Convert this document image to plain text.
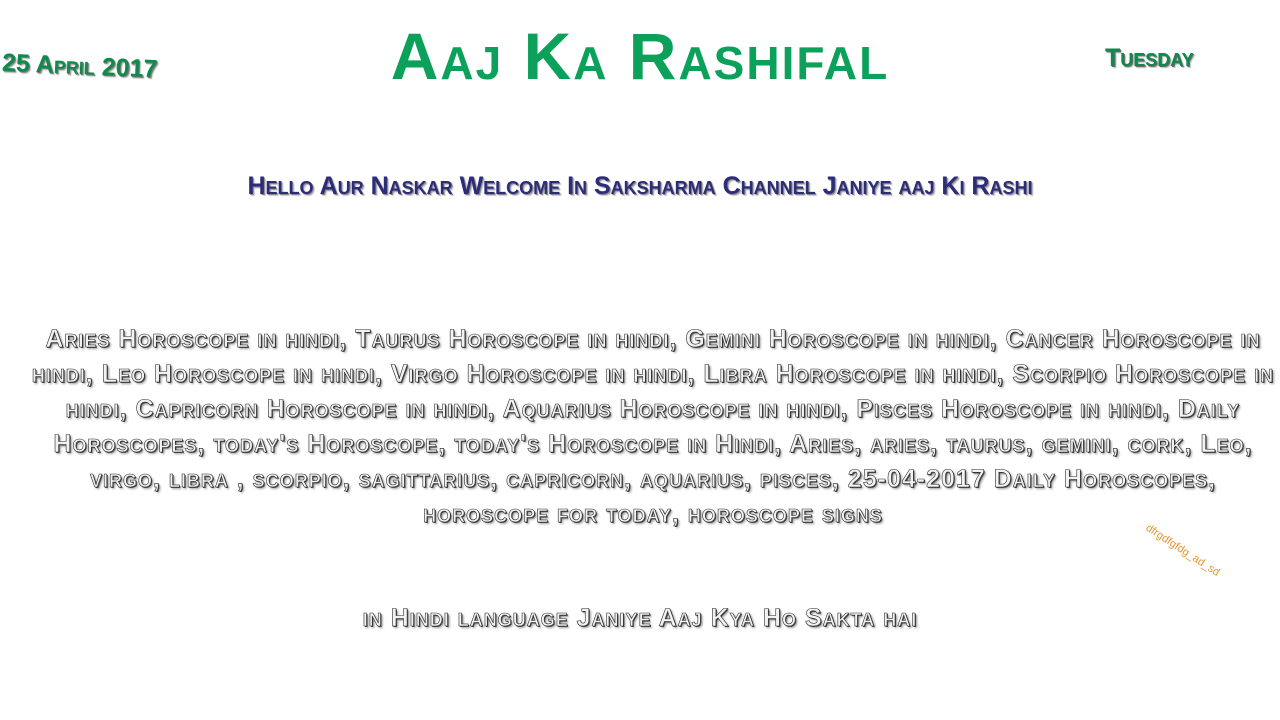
25 April 2017	Aaj Ka Rashifal	Tuesday
Hello Aur Naskar Welcome In Saksharma Channel Janiye aaj Ki Rashi
Aries Horoscope in hindi, Taurus Horoscope in hindi, Gemini Horoscope in hindi, Cancer Horoscope in hindi, Leo Horoscope in hindi, Virgo Horoscope in hindi, Libra Horoscope in hindi, Scorpio Horoscope in hindi, Capricorn Horoscope in hindi, Aquarius Horoscope in hindi, Pisces Horoscope in hindi, Daily Horoscopes, today's Horoscope, today's Horoscope in Hindi, Aries, aries, taurus, gemini, cork, Leo, virgo, libra , scorpio, sagittarius, capricorn, aquarius, pisces, 25-04-2017 Daily Horoscopes, horoscope for today, horoscope signs
in Hindi language Janiye Aaj Kya Ho Sakta hai
dfrgdfgfdg_ad_sd
